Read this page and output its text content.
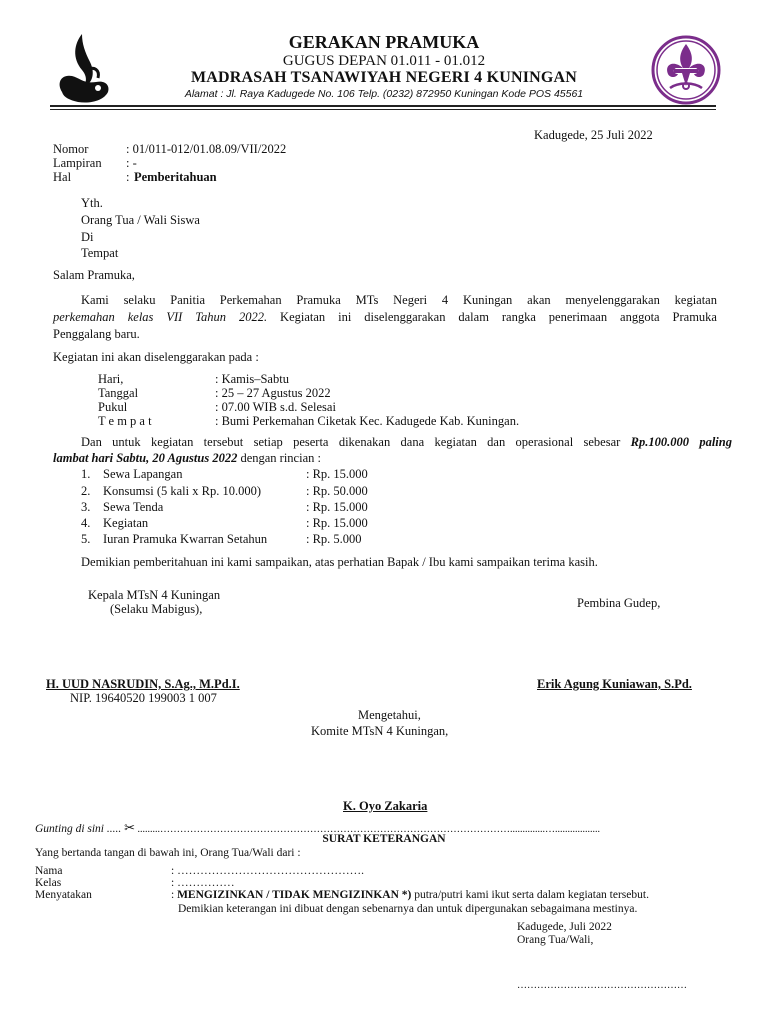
GERAKAN PRAMUKA
GUGUS DEPAN 01.011 - 01.012
MADRASAH TSANAWIYAH NEGERI 4 KUNINGAN
Alamat : Jl. Raya Kadugede No. 106 Telp. (0232) 872950 Kuningan Kode POS 45561
Kadugede, 25 Juli 2022
Nomor	: 01/011-012/01.08.09/VII/2022
Lampiran : -
Hal	: Pemberitahuan
Yth.
Orang Tua / Wali Siswa
Di
Tempat
Salam Pramuka,
Kami selaku Panitia Perkemahan Pramuka MTs Negeri 4 Kuningan akan menyelenggarakan kegiatan
perkemahan kelas VII Tahun 2022. Kegiatan ini diselenggarakan dalam rangka penerimaan anggota Pramuka
Penggalang baru.
Kegiatan ini akan diselenggarakan pada :
Hari,	: Kamis–Sabtu
Tanggal	: 25 – 27 Agustus 2022
Pukul	: 07.00 WIB s.d. Selesai
T e m p a t	: Bumi Perkemahan Ciketak Kec. Kadugede Kab. Kuningan.
Dan untuk kegiatan tersebut setiap peserta dikenakan dana kegiatan dan operasional sebesar Rp.100.000 paling
lambat hari Sabtu, 20 Agustus 2022 dengan rincian :
1. Sewa Lapangan	: Rp. 15.000
2. Konsumsi (5 kali x Rp. 10.000)	: Rp. 50.000
3. Sewa Tenda	: Rp. 15.000
4. Kegiatan	: Rp. 15.000
5. Iuran Pramuka Kwarran Setahun	: Rp. 5.000
Demikian pemberitahuan ini kami sampaikan, atas perhatian Bapak / Ibu kami sampaikan terima kasih.
Kepala MTsN 4 Kuningan
(Selaku Mabigus),	Pembina Gudep,
H. UUD NASRUDIN, S.Ag., M.Pd.I.
NIP. 19640520 199003 1 007
Erik Agung Kuniawan, S.Pd.
Mengetahui,
Komite MTsN 4 Kuningan,
K. Oyo Zakaria
Gunting di sini ..... ✂ .........……………………………………………………………………………………………..............…..................
SURAT KETERANGAN
Yang bertanda tangan di bawah ini, Orang Tua/Wali dari :
Nama	: ………………………………………….
Kelas	: ……………
Menyatakan	: MENGIZINKAN / TIDAK MENGIZINKAN *) putra/putri kami ikut serta dalam kegiatan tersebut.
Demikian keterangan ini dibuat dengan sebenarnya dan untuk dipergunakan sebagaimana mestinya.
Kadugede, Juli 2022
Orang Tua/Wali,
……………………………………………
